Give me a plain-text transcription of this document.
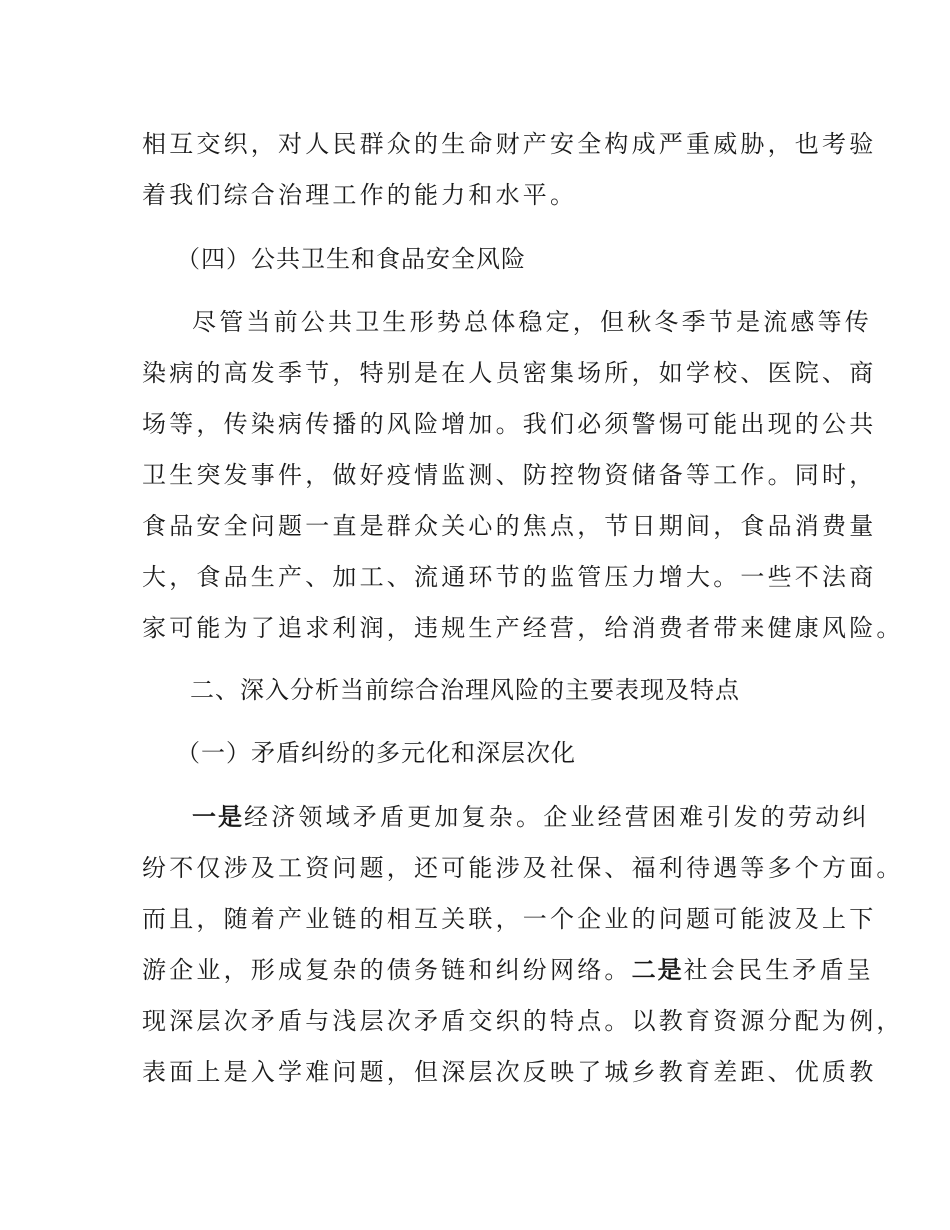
相互交织，对人民群众的生命财产安全构成严重威胁，也考验
着我们综合治理工作的能力和水平。
（四）公共卫生和食品安全风险
尽管当前公共卫生形势总体稳定，但秋冬季节是流感等传
染病的高发季节，特别是在人员密集场所，如学校、医院、商
场等，传染病传播的风险增加。我们必须警惕可能出现的公共
卫生突发事件，做好疫情监测、防控物资储备等工作。同时，
食品安全问题一直是群众关心的焦点，节日期间，食品消费量
大，食品生产、加工、流通环节的监管压力增大。一些不法商
家可能为了追求利润，违规生产经营，给消费者带来健康风险。
二、深入分析当前综合治理风险的主要表现及特点
（一）矛盾纠纷的多元化和深层次化
一是经济领域矛盾更加复杂。企业经营困难引发的劳动纠
纷不仅涉及工资问题，还可能涉及社保、福利待遇等多个方面。
而且，随着产业链的相互关联，一个企业的问题可能波及上下
游企业，形成复杂的债务链和纠纷网络。二是社会民生矛盾呈
现深层次矛盾与浅层次矛盾交织的特点。以教育资源分配为例，
表面上是入学难问题，但深层次反映了城乡教育差距、优质教
